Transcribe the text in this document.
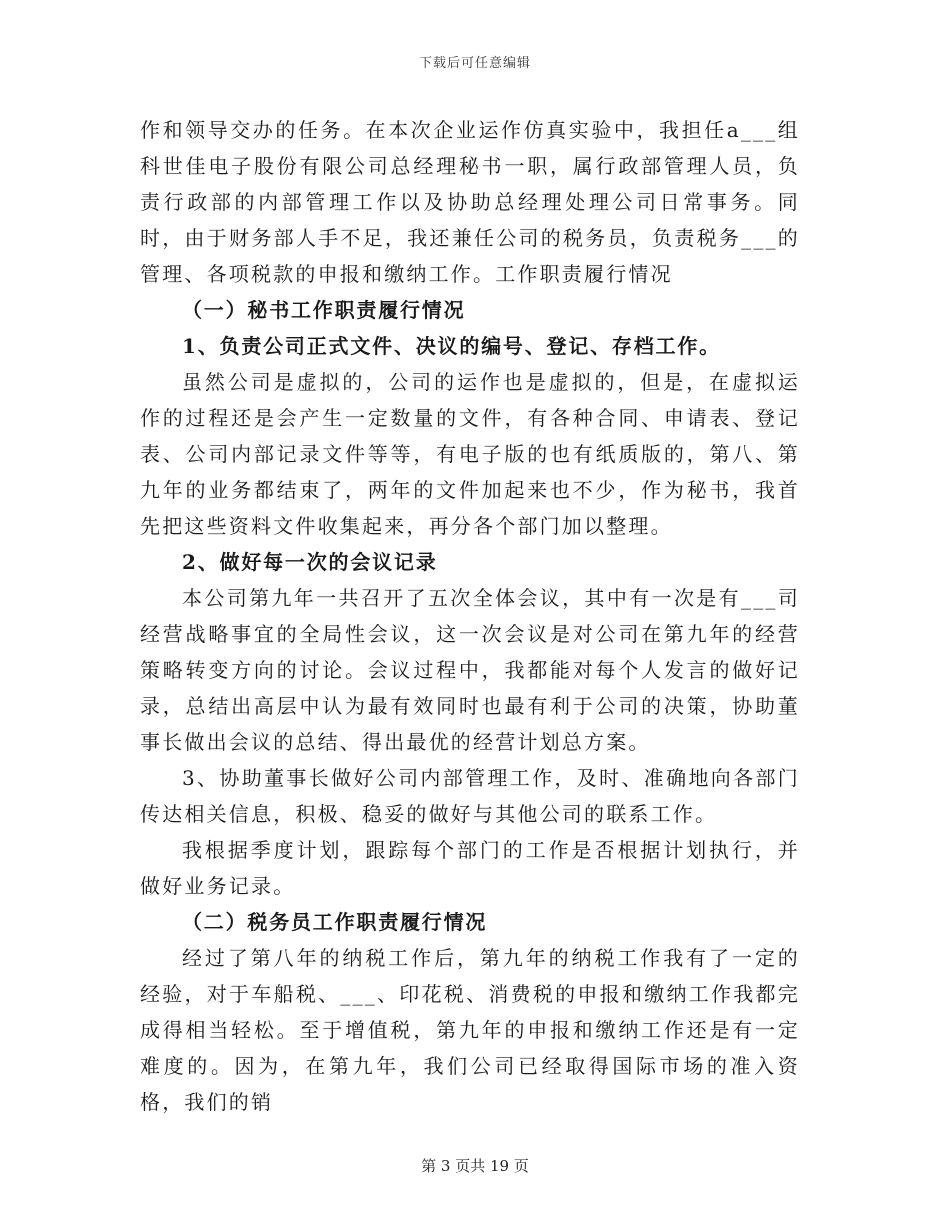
下载后可任意编辑

作和领导交办的任务。在本次企业运作仿真实验中，我担任a___组科世佳电子股份有限公司总经理秘书一职，属行政部管理人员，负责行政部的内部管理工作以及协助总经理处理公司日常事务。同时，由于财务部人手不足，我还兼任公司的税务员，负责税务___的管理、各项税款的申报和缴纳工作。工作职责履行情况

（一）秘书工作职责履行情况

1、负责公司正式文件、决议的编号、登记、存档工作。

虽然公司是虚拟的，公司的运作也是虚拟的，但是，在虚拟运作的过程还是会产生一定数量的文件，有各种合同、申请表、登记表、公司内部记录文件等等，有电子版的也有纸质版的，第八、第九年的业务都结束了，两年的文件加起来也不少，作为秘书，我首先把这些资料文件收集起来，再分各个部门加以整理。

2、做好每一次的会议记录

本公司第九年一共召开了五次全体会议，其中有一次是有___司经营战略事宜的全局性会议，这一次会议是对公司在第九年的经营策略转变方向的讨论。会议过程中，我都能对每个人发言的做好记录，总结出高层中认为最有效同时也最有利于公司的决策，协助董事长做出会议的总结、得出最优的经营计划总方案。

3、协助董事长做好公司内部管理工作，及时、准确地向各部门传达相关信息，积极、稳妥的做好与其他公司的联系工作。

我根据季度计划，跟踪每个部门的工作是否根据计划执行，并做好业务记录。

（二）税务员工作职责履行情况

经过了第八年的纳税工作后，第九年的纳税工作我有了一定的经验，对于车船税、___、印花税、消费税的申报和缴纳工作我都完成得相当轻松。至于增值税，第九年的申报和缴纳工作还是有一定难度的。因为，在第九年，我们公司已经取得国际市场的准入资格，我们的销

第 3 页共 19 页
